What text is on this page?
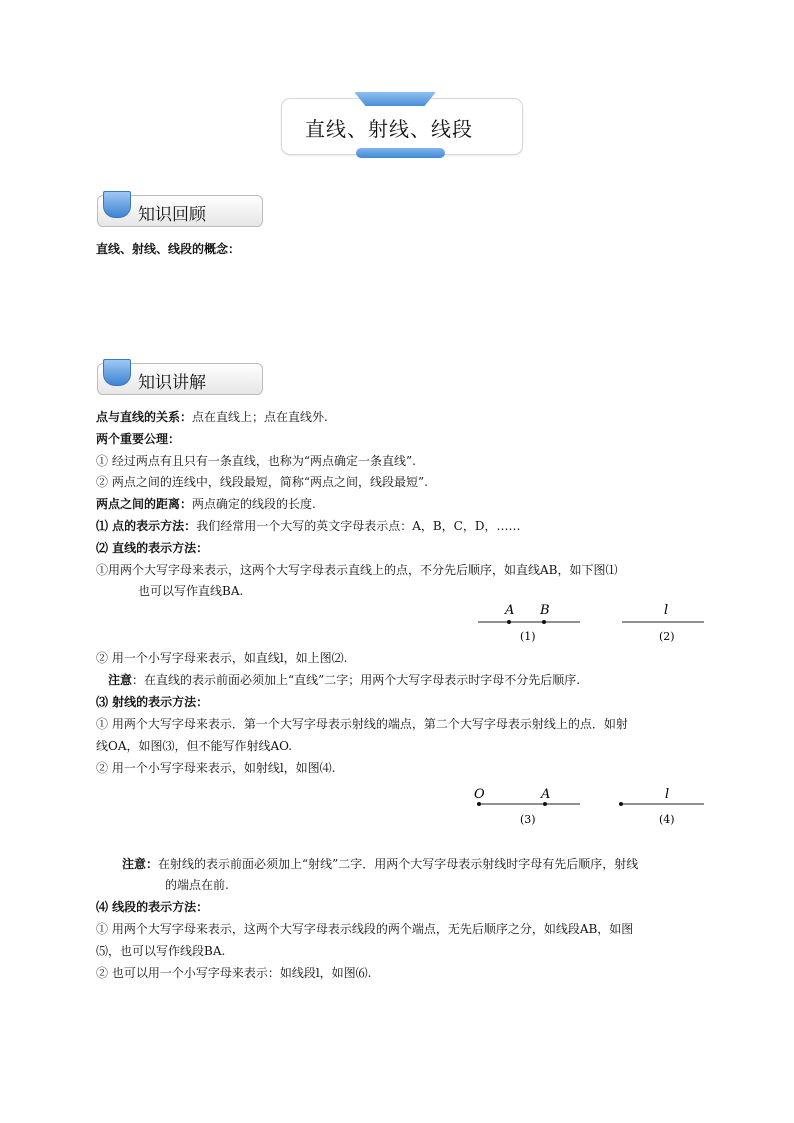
直线、射线、线段
知识回顾
直线、射线、线段的概念：
知识讲解
点与直线的关系：点在直线上；点在直线外.
两个重要公理：
① 经过两点有且只有一条直线，也称为“两点确定一条直线”.
② 两点之间的连线中，线段最短，简称“两点之间，线段最短”.
两点之间的距离：两点确定的线段的长度.
⑴ 点的表示方法：我们经常用一个大写的英文字母表示点：A，B，C，D，……
⑵ 直线的表示方法：
①用两个大写字母来表示，这两个大写字母表示直线上的点，不分先后顺序，如直线AB，如下图⑴
也可以写作直线BA.
A B
(1)
l
(2)
② 用一个小写字母来表示，如直线l，如上图⑵.
注意：在直线的表示前面必须加上“直线”二字；用两个大写字母表示时字母不分先后顺序.
⑶ 射线的表示方法：
① 用两个大写字母来表示．第一个大写字母表示射线的端点，第二个大写字母表示射线上的点．如射
线OA，如图⑶，但不能写作射线AO.
② 用一个小写字母来表示，如射线l，如图⑷.
O	A
(3)
l
(4)
注意：在射线的表示前面必须加上“射线”二字．用两个大写字母表示射线时字母有先后顺序，射线
的端点在前.
⑷ 线段的表示方法：
① 用两个大写字母来表示，这两个大写字母表示线段的两个端点，无先后顺序之分，如线段AB，如图
⑸，也可以写作线段BA.
② 也可以用一个小写字母来表示：如线段l，如图⑹.
